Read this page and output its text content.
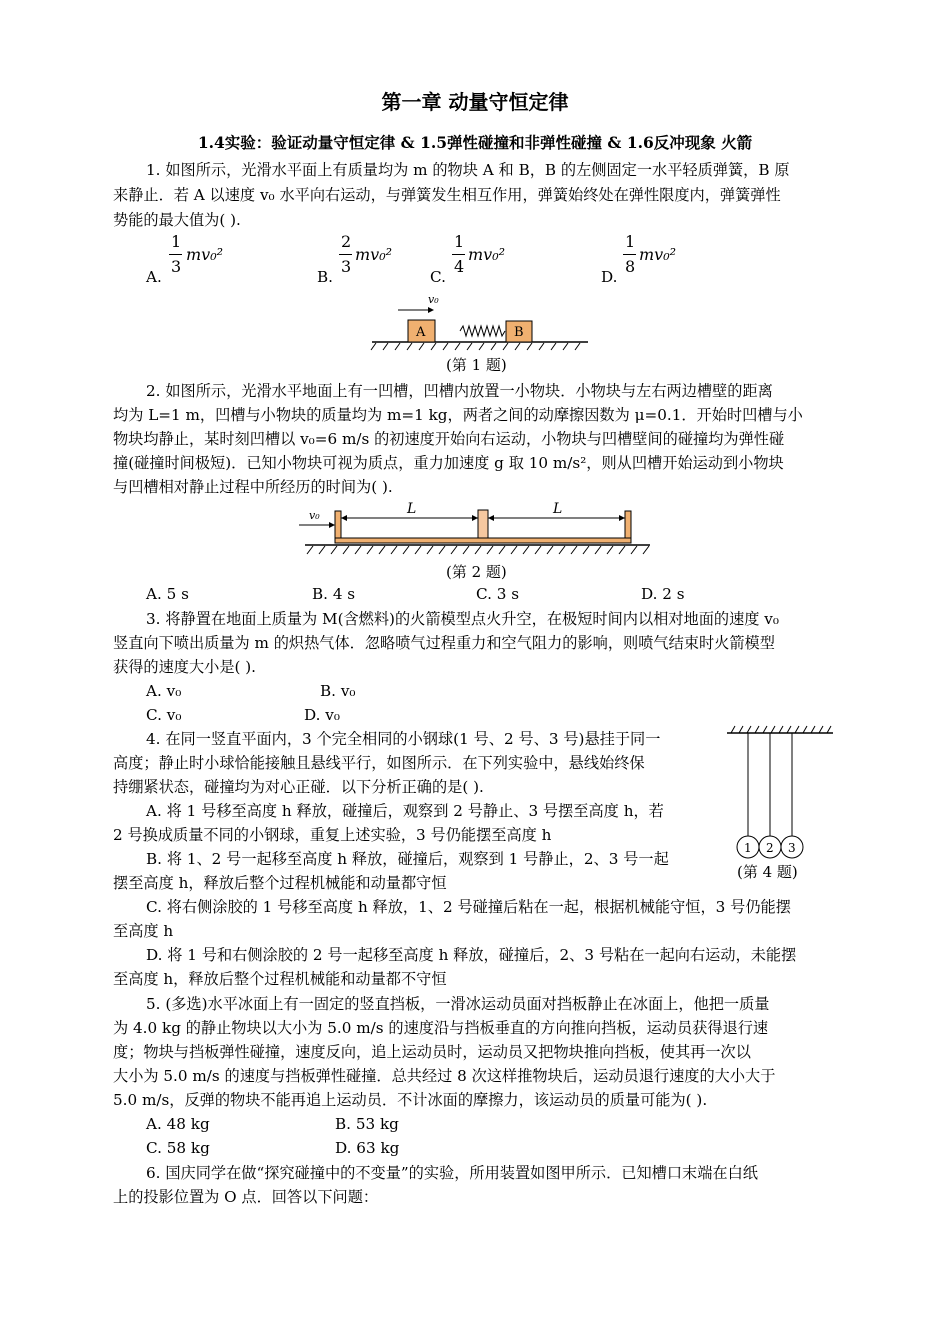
第一章 动量守恒定律
1.4实验：验证动量守恒定律 & 1.5弹性碰撞和非弹性碰撞 & 1.6反冲现象 火箭
1. 如图所示，光滑水平面上有质量均为 m 的物块 A 和 B，B 的左侧固定一水平轻质弹簧，B 原
来静止．若 A 以速度 v₀ 水平向右运动，与弹簧发生相互作用，弹簧始终处在弹性限度内，弹簧弹性
势能的最大值为( ).
A.
1
3
mv₀²
B.
2
3
mv₀²
C.
1
4
mv₀²
D.
1
8
mv₀²
A	B
v₀
(第 1 题)
2. 如图所示，光滑水平地面上有一凹槽，凹槽内放置一小物块．小物块与左右两边槽壁的距离
均为 L=1 m，凹槽与小物块的质量均为 m=1 kg，两者之间的动摩擦因数为 μ=0.1．开始时凹槽与小
物块均静止，某时刻凹槽以 v₀=6 m/s 的初速度开始向右运动，小物块与凹槽壁间的碰撞均为弹性碰
撞(碰撞时间极短)．已知小物块可视为质点，重力加速度 g 取 10 m/s²，则从凹槽开始运动到小物块
与凹槽相对静止过程中所经历的时间为( ).
L	L
v₀
(第 2 题)
A. 5 s	B. 4 s	C. 3 s	D. 2 s
3. 将静置在地面上质量为 M(含燃料)的火箭模型点火升空，在极短时间内以相对地面的速度 v₀
竖直向下喷出质量为 m 的炽热气体．忽略喷气过程重力和空气阻力的影响，则喷气结束时火箭模型
获得的速度大小是( ).
A. v₀	B. v₀
C. v₀	D. v₀
4. 在同一竖直平面内，3 个完全相同的小钢球(1 号、2 号、3 号)悬挂于同一
高度；静止时小球恰能接触且悬线平行，如图所示．在下列实验中，悬线始终保
持绷紧状态，碰撞均为对心正碰．以下分析正确的是( ).
A. 将 1 号移至高度 h 释放，碰撞后，观察到 2 号静止、3 号摆至高度 h，若
2 号换成质量不同的小钢球，重复上述实验，3 号仍能摆至高度 h
B. 将 1、2 号一起移至高度 h 释放，碰撞后，观察到 1 号静止，2、3 号一起
摆至高度 h，释放后整个过程机械能和动量都守恒
C. 将右侧涂胶的 1 号移至高度 h 释放，1、2 号碰撞后粘在一起，根据机械能守恒，3 号仍能摆
至高度 h
D. 将 1 号和右侧涂胶的 2 号一起移至高度 h 释放，碰撞后，2、3 号粘在一起向右运动，未能摆
至高度 h，释放后整个过程机械能和动量都不守恒
1 2 3
(第 4 题)
5. (多选)水平冰面上有一固定的竖直挡板，一滑冰运动员面对挡板静止在冰面上，他把一质量
为 4.0 kg 的静止物块以大小为 5.0 m/s 的速度沿与挡板垂直的方向推向挡板，运动员获得退行速
度；物块与挡板弹性碰撞，速度反向，追上运动员时，运动员又把物块推向挡板，使其再一次以
大小为 5.0 m/s 的速度与挡板弹性碰撞．总共经过 8 次这样推物块后，运动员退行速度的大小大于
5.0 m/s，反弹的物块不能再追上运动员．不计冰面的摩擦力，该运动员的质量可能为( ).
A. 48 kg	B. 53 kg
C. 58 kg	D. 63 kg
6. 国庆同学在做“探究碰撞中的不变量”的实验，所用装置如图甲所示．已知槽口末端在白纸
上的投影位置为 O 点．回答以下问题：
